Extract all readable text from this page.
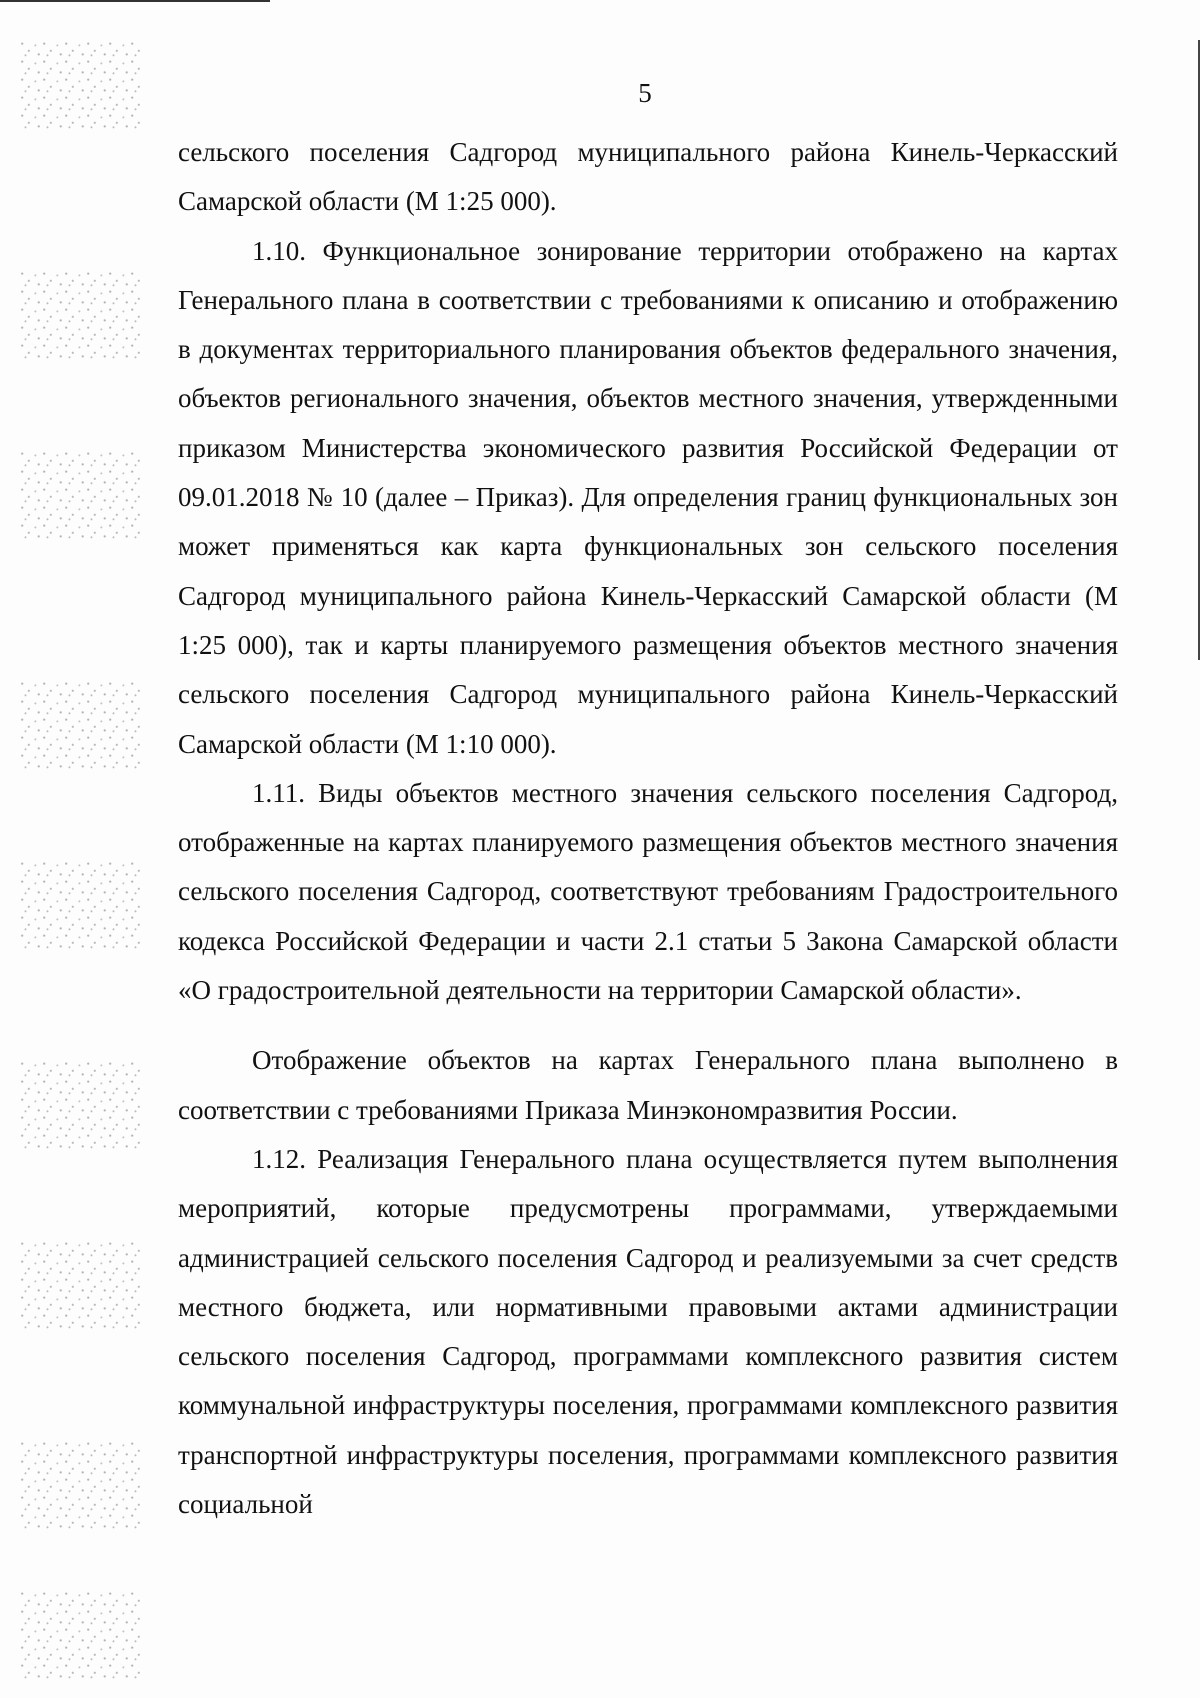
5

сельского поселения Садгород муниципального района Кинель-Черкасский Самарской области (М 1:25 000).

1.10. Функциональное зонирование территории отображено на картах Генерального плана в соответствии с требованиями к описанию и отображению в документах территориального планирования объектов федерального значения, объектов регионального значения, объектов местного значения, утвержденными приказом Министерства экономического развития Российской Федерации от 09.01.2018 № 10 (далее – Приказ). Для определения границ функциональных зон может применяться как карта функциональных зон сельского поселения Садгород муниципального района Кинель-Черкасский Самарской области (М 1:25 000), так и карты планируемого размещения объектов местного значения сельского поселения Садгород муниципального района Кинель-Черкасский Самарской области (М 1:10 000).

1.11. Виды объектов местного значения сельского поселения Садгород, отображенные на картах планируемого размещения объектов местного значения сельского поселения Садгород, соответствуют требованиям Градостроительного кодекса Российской Федерации и части 2.1 статьи 5 Закона Самарской области «О градостроительной деятельности на территории Самарской области».

Отображение объектов на картах Генерального плана выполнено в соответствии с требованиями Приказа Минэкономразвития России.

1.12. Реализация Генерального плана осуществляется путем выполнения мероприятий, которые предусмотрены программами, утверждаемыми администрацией сельского поселения Садгород и реализуемыми за счет средств местного бюджета, или нормативными правовыми актами администрации сельского поселения Садгород, программами комплексного развития систем коммунальной инфраструктуры поселения, программами комплексного развития транспортной инфраструктуры поселения, программами комплексного развития социальной
